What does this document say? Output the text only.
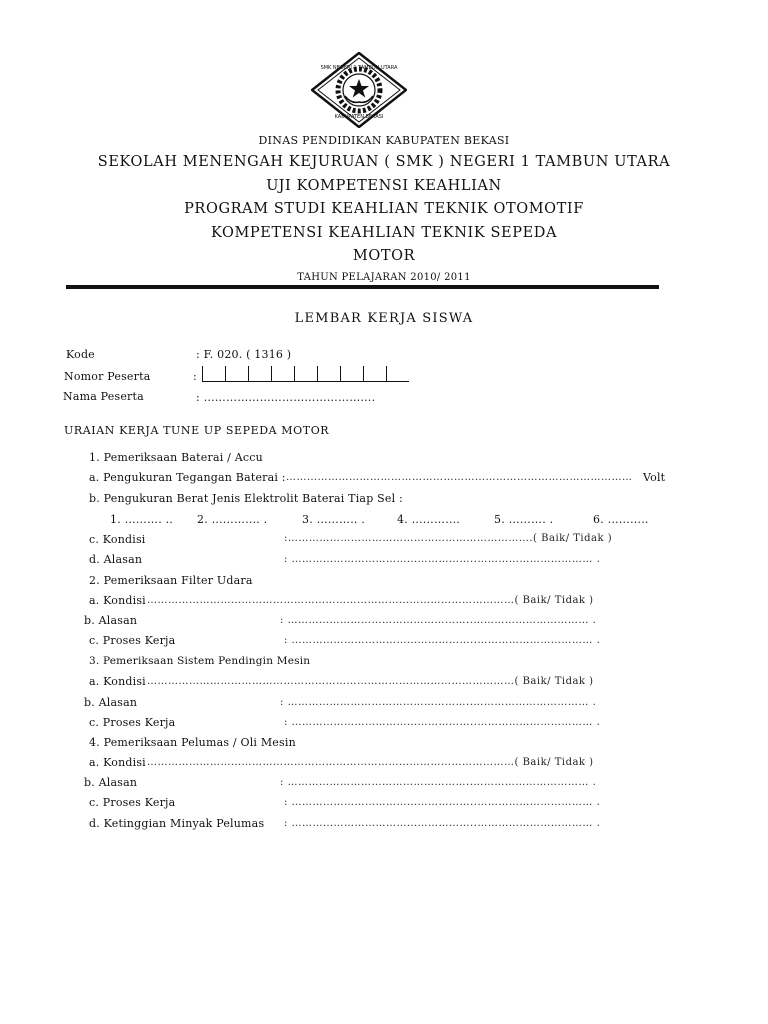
SMK NEGERI 1 TAMBUN UTARA
KABUPATEN BEKASI
DINAS PENDIDIKAN KABUPATEN BEKASI
SEKOLAH MENENGAH KEJURUAN ( SMK ) NEGERI 1 TAMBUN UTARA
UJI KOMPETENSI KEAHLIAN
PROGRAM STUDI KEAHLIAN TEKNIK OTOMOTIF
KOMPETENSI KEAHLIAN TEKNIK SEPEDA
MOTOR
TAHUN PELAJARAN 2010/ 2011
LEMBAR KERJA SISWA
Kode	: F. 020. ( 1316 )
Nomor Peserta	:
Nama Peserta	: ……………………………………….
URAIAN KERJA TUNE UP SEPEDA MOTOR
1. Pemeriksaan Baterai / Accu
a. Pengukuran Tegangan Baterai : ……………………………………………………………………………………… Volt
b. Pengukuran Berat Jenis Elektrolit Baterai Tiap Sel :
1. ………. .. 2. ……….... .	3. ……….. .	4. ………….	5. ………. .	6. ………..
c. Kondisi	:…………………………………………………………….( Baik/ Tidak )
d. Alasan	: ……………………………………………..…………………………… .
2. Pemeriksaan Filter Udara
a. Kondisi ……………………………………………………………………………………………( Baik/ Tidak )
b. Alasan	: ……………………………………………..…………………………… .
c. Proses Kerja	: ……………………………………………..…………………………… .
3. Pemeriksaan Sistem Pendingin Mesin
a. Kondisi ……………………………………………………………………………………………( Baik/ Tidak )
b. Alasan	: ……………………………………………..…………………………… .
c. Proses Kerja	: ……………………………………………..…………………………… .
4. Pemeriksaan Pelumas / Oli Mesin
a. Kondisi ……………………………………………………………………………………………( Baik/ Tidak )
b. Alasan	: ……………………………………………..…………………………… .
c. Proses Kerja	: ……………………………………………..…………………………… .
d. Ketinggian Minyak Pelumas : ……………………………………………..…………………………… .
